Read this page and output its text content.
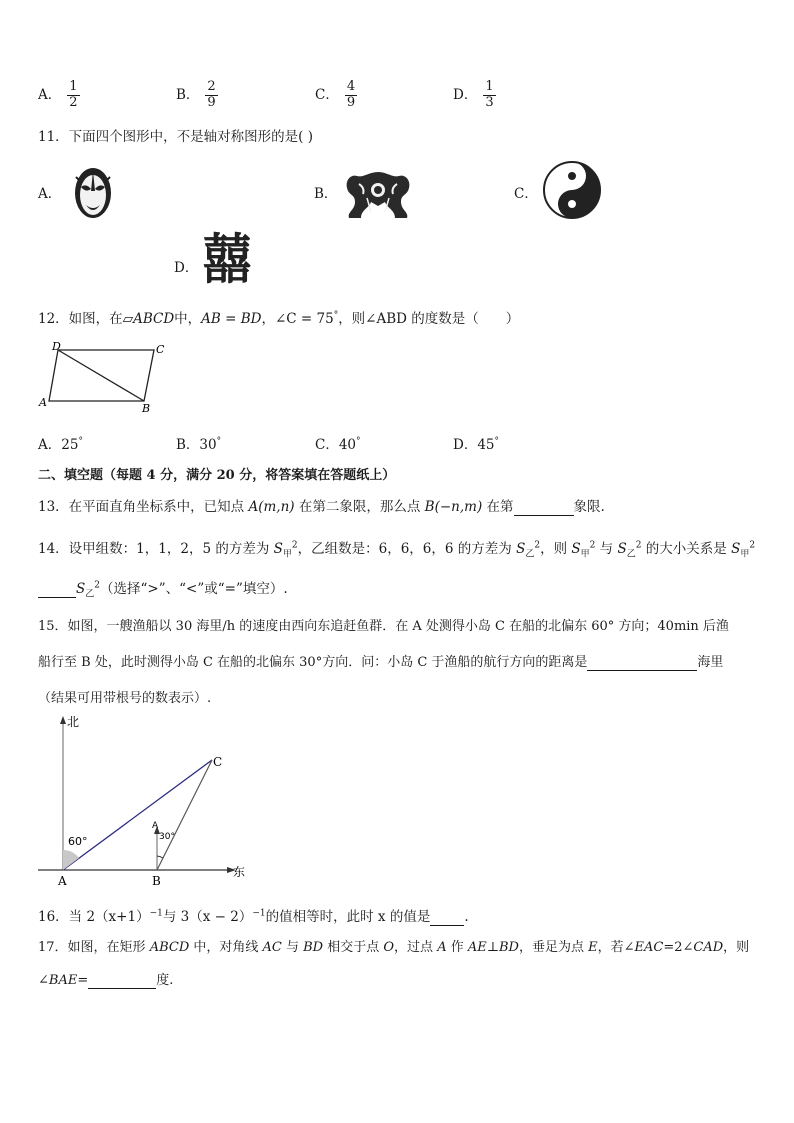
A． $\frac{1}{2}$	B． $\frac{2}{9}$	C． $\frac{4}{9}$	D． $\frac{1}{3}$
11．下面四个图形中，不是轴对称图形的是( )
A．	B．	C．
D． 囍
12．如图，在▱ABCD中，AB = BD，∠C = 75°，则∠ABD 的度数是（　　）
D	C
A	B
A．25°	B．30°	C．40°	D．45°
二、填空题（每题 4 分，满分 20 分，将答案填在答题纸上）
13．在平面直角坐标系中，已知点 A(m,n) 在第二象限，那么点 B(−n,m) 在第	象限.
14．设甲组数：1，1，2，5 的方差为 $S_甲^2$，乙组数是：6，6，6，6 的方差为 $S_乙^2$，则 $S_甲^2$ 与 $S_乙^2$ 的大小关系是 $S_甲^2$
$S_乙^2$（选择“>”、“<”或“=”填空）.
15．如图，一艘渔船以 30 海里/h 的速度由西向东追赶鱼群．在 A 处测得小岛 C 在船的北偏东 60° 方向；40min 后渔
船行至 B 处，此时测得小岛 C 在船的北偏东 30°方向．问：小岛 C 于渔船的航行方向的距离是	海里
（结果可用带根号的数表示）.
60°	30°
A
北
东
A	B
C
16．当 $2(x+1)^{-1}$与 $3(x - 2)^{-1}$的值相等时，此时 x 的值是	.
17．如图，在矩形 ABCD 中，对角线 AC 与 BD 相交于点 O，过点 A 作 AE⊥BD，垂足为点 E，若∠EAC=2∠CAD，则
∠BAE=	度.
